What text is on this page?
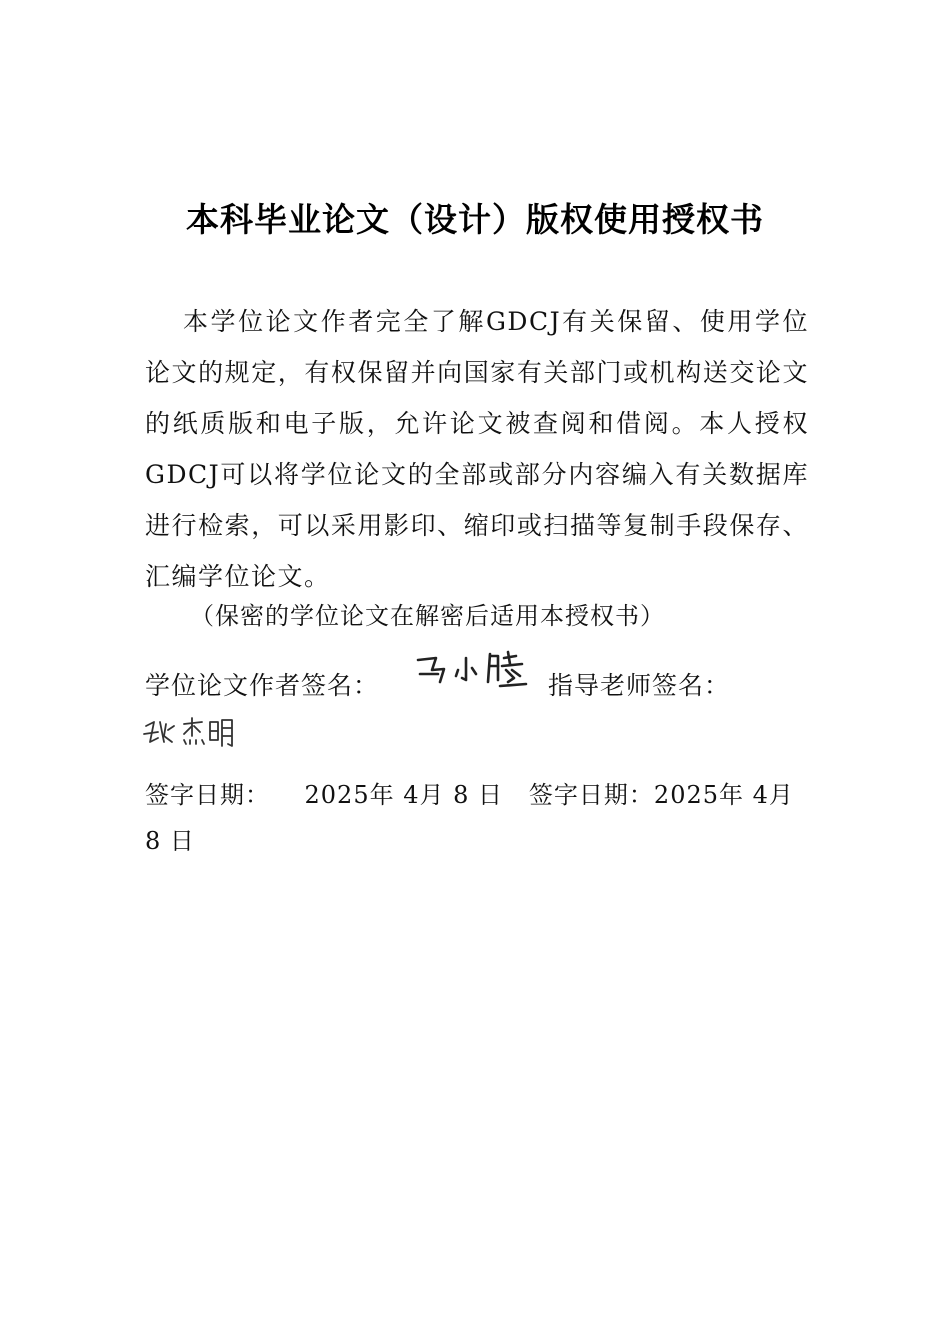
本科毕业论文（设计）版权使用授权书
本学位论文作者完全了解GDCJ有关保留、使用学位论文的规定，有权保留并向国家有关部门或机构送交论文的纸质版和电子版，允许论文被查阅和借阅。本人授权GDCJ可以将学位论文的全部或部分内容编入有关数据库进行检索，可以采用影印、缩印或扫描等复制手段保存、汇编学位论文。
（保密的学位论文在解密后适用本授权书）
学位论文作者签名：	指导老师签名：
签字日期： 2025年 4月 8 日 签字日期：2025年 4月 8 日
